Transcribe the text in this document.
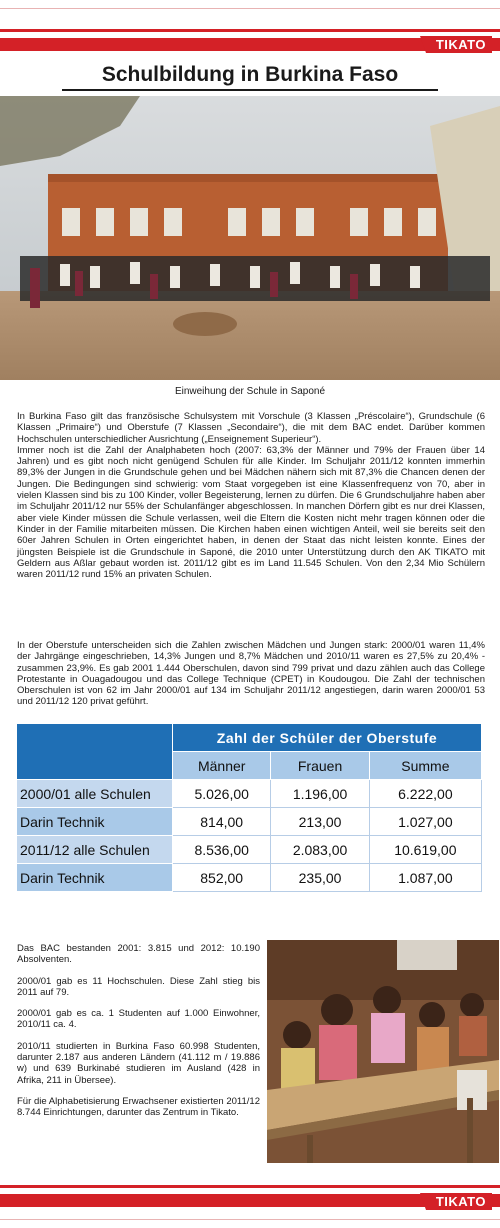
TIKATO
Schulbildung in Burkina Faso
Einweihung der Schule in Saponé

In Burkina Faso gilt das französische Schulsystem mit Vorschule (3 Klassen „Préscolaire“), Grundschule (6 Klassen „Primaire“) und Oberstufe (7 Klassen „Secondaire“), die mit dem BAC endet. Darüber kommen Hochschulen unterschiedlicher Ausrichtung („Enseignement Superieur“).

Immer noch ist die Zahl der Analphabeten hoch (2007: 63,3% der Männer und 79% der Frauen über 14 Jahren) und es gibt noch nicht genügend Schulen für alle Kinder. Im Schuljahr 2011/12 konnten immerhin 89,3% der Jungen in die Grundschule gehen und bei Mädchen nähern sich mit 87,3% die Chancen denen der Jungen. Die Bedingungen sind schwierig: vom Staat vorgegeben ist eine Klassenfrequenz von 70, aber in vielen Klassen sind bis zu 100 Kinder, voller Begeisterung, lernen zu dürfen. Die 6 Grundschuljahre haben aber im Schuljahr 2011/12 nur 55% der Schulanfänger abgeschlossen. In manchen Dörfern gibt es nur drei Klassen, aber viele Kinder müssen die Schule verlassen, weil die Eltern die Kosten nicht mehr tragen können oder die Kinder in der Familie mitarbeiten müssen. Die Kirchen haben einen wichtigen Anteil, weil sie bereits seit den 60er Jahren Schulen in Orten eingerichtet haben, in denen der Staat das nicht leisten konnte. Eines der jüngsten Beispiele ist die Grundschule in Saponé, die 2010 unter Unterstützung durch den AK TIKATO mit Geldern aus Aßlar gebaut worden ist. 2011/12 gibt es im Land 11.545 Schulen. Von den 2,34 Mio Schülern waren 2011/12 rund 15% an privaten Schulen.

In der Oberstufe unterscheiden sich die Zahlen zwischen Mädchen und Jungen stark: 2000/01 waren 11,4% der Jahrgänge eingeschrieben, 14,3% Jungen und 8,7% Mädchen und 2010/11 waren es 27,5% zu 20,4% - zusammen 23,9%. Es gab 2001 1.444 Oberschulen, davon sind 799 privat und dazu zählen auch das College Protestante in Ouagadougou und das College Technique (CPET) in Koudougou. Die Zahl der technischen Oberschulen ist von 62 im Jahr 2000/01 auf 134 im Schuljahr 2011/12 angestiegen, darin waren 2000/01 53 und 2011/12 120 privat geführt.

	Zahl der Schüler der Oberstufe		
	Männer	Frauen	Summe
2000/01 alle Schulen	5.026,00	1.196,00	6.222,00
Darin Technik	814,00	213,00	1.027,00
2011/12 alle Schulen	8.536,00	2.083,00	10.619,00
Darin Technik	852,00	235,00	1.087,00

Das BAC bestanden 2001: 3.815 und 2012: 10.190 Absolventen.

2000/01 gab es 11 Hochschulen. Diese Zahl stieg bis 2011 auf 79.

2000/01 gab es ca. 1 Studenten auf 1.000 Einwohner, 2010/11 ca. 4.

2010/11 studierten in Burkina Faso 60.998 Studenten, darunter 2.187 aus anderen Ländern (41.112 m / 19.886 w) und 639 Burkinabé studieren im Ausland (428 in Afrika, 211 in Übersee).

Für die Alphabetisierung Erwachsener existierten 2011/12 8.744 Einrichtungen, darunter das Zentrum in Tikato.

TIKATO
